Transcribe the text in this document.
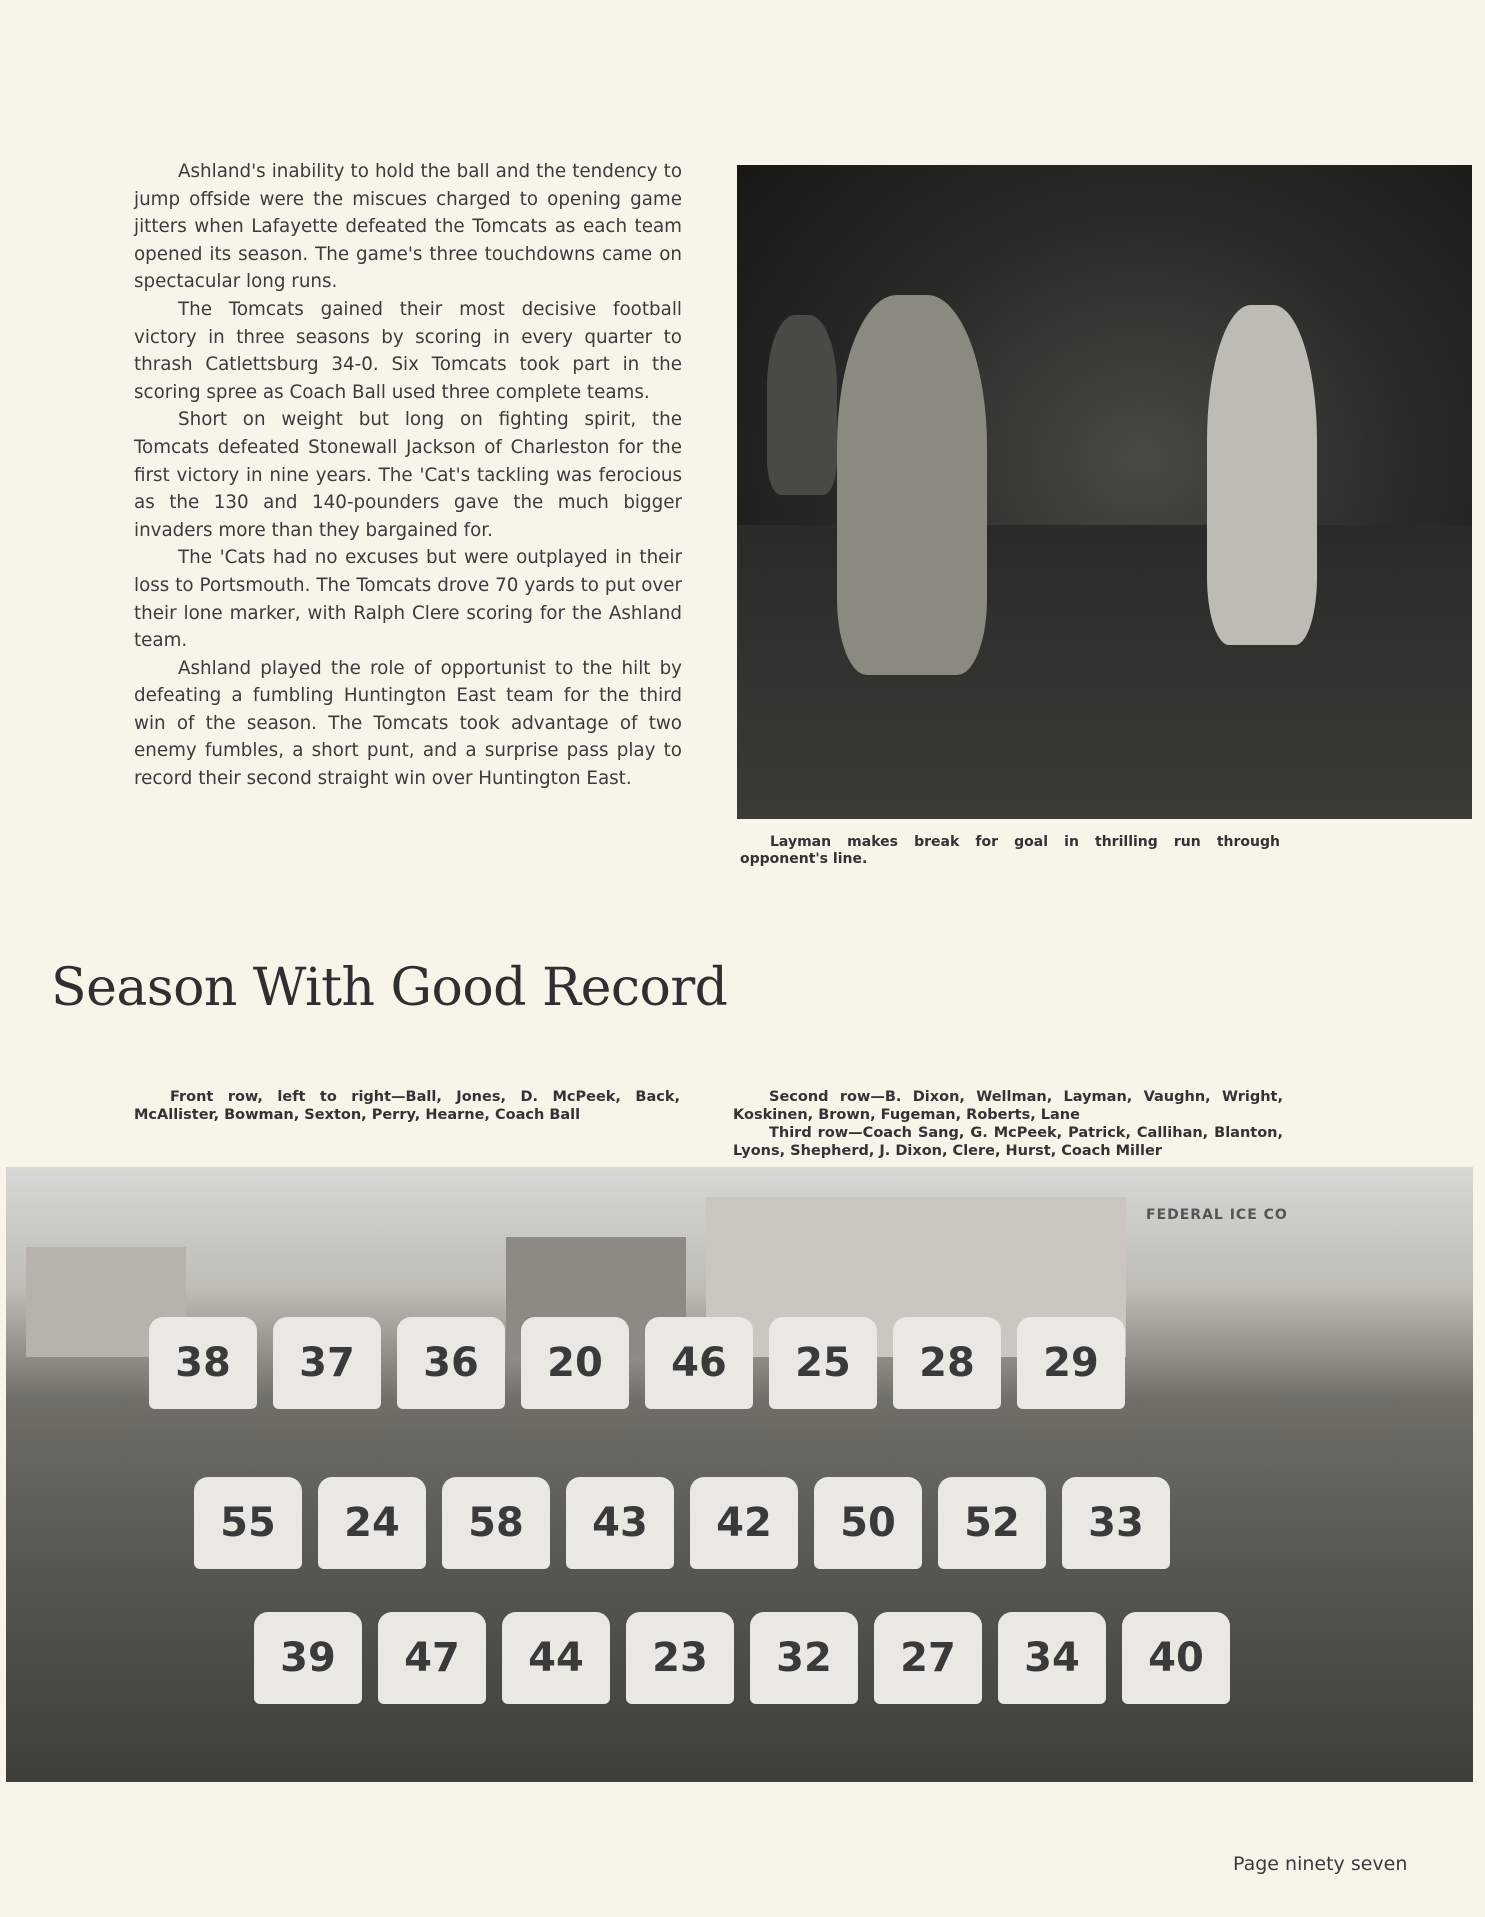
Ashland's inability to hold the ball and the tendency to jump offside were the miscues charged to opening game jitters when Lafayette defeated the Tomcats as each team opened its season. The game's three touchdowns came on spectacular long runs.

The Tomcats gained their most decisive football victory in three seasons by scoring in every quarter to thrash Catlettsburg 34-0. Six Tomcats took part in the scoring spree as Coach Ball used three complete teams.

Short on weight but long on fighting spirit, the Tomcats defeated Stonewall Jackson of Charleston for the first victory in nine years. The 'Cat's tackling was ferocious as the 130 and 140-pounders gave the much bigger invaders more than they bargained for.

The 'Cats had no excuses but were outplayed in their loss to Portsmouth. The Tomcats drove 70 yards to put over their lone marker, with Ralph Clere scoring for the Ashland team.

Ashland played the role of opportunist to the hilt by defeating a fumbling Huntington East team for the third win of the season. The Tomcats took advantage of two enemy fumbles, a short punt, and a surprise pass play to record their second straight win over Huntington East.

Layman makes break for goal in thrilling run through opponent's line.
Season With Good Record
Front row, left to right—Ball, Jones, D. McPeek, Back, McAllister, Bowman, Sexton, Perry, Hearne, Coach Ball
Second row—B. Dixon, Wellman, Layman, Vaughn, Wright, Koskinen, Brown, Fugeman, Roberts, Lane
Third row—Coach Sang, G. McPeek, Patrick, Callihan, Blanton, Lyons, Shepherd, J. Dixon, Clere, Hurst, Coach Miller
FEDERAL ICE CO
38	37	36	20	46	25	28	29
55	24	58	43	42	50	52	33
39	47	44	23	32	27	34	40
Page ninety seven
